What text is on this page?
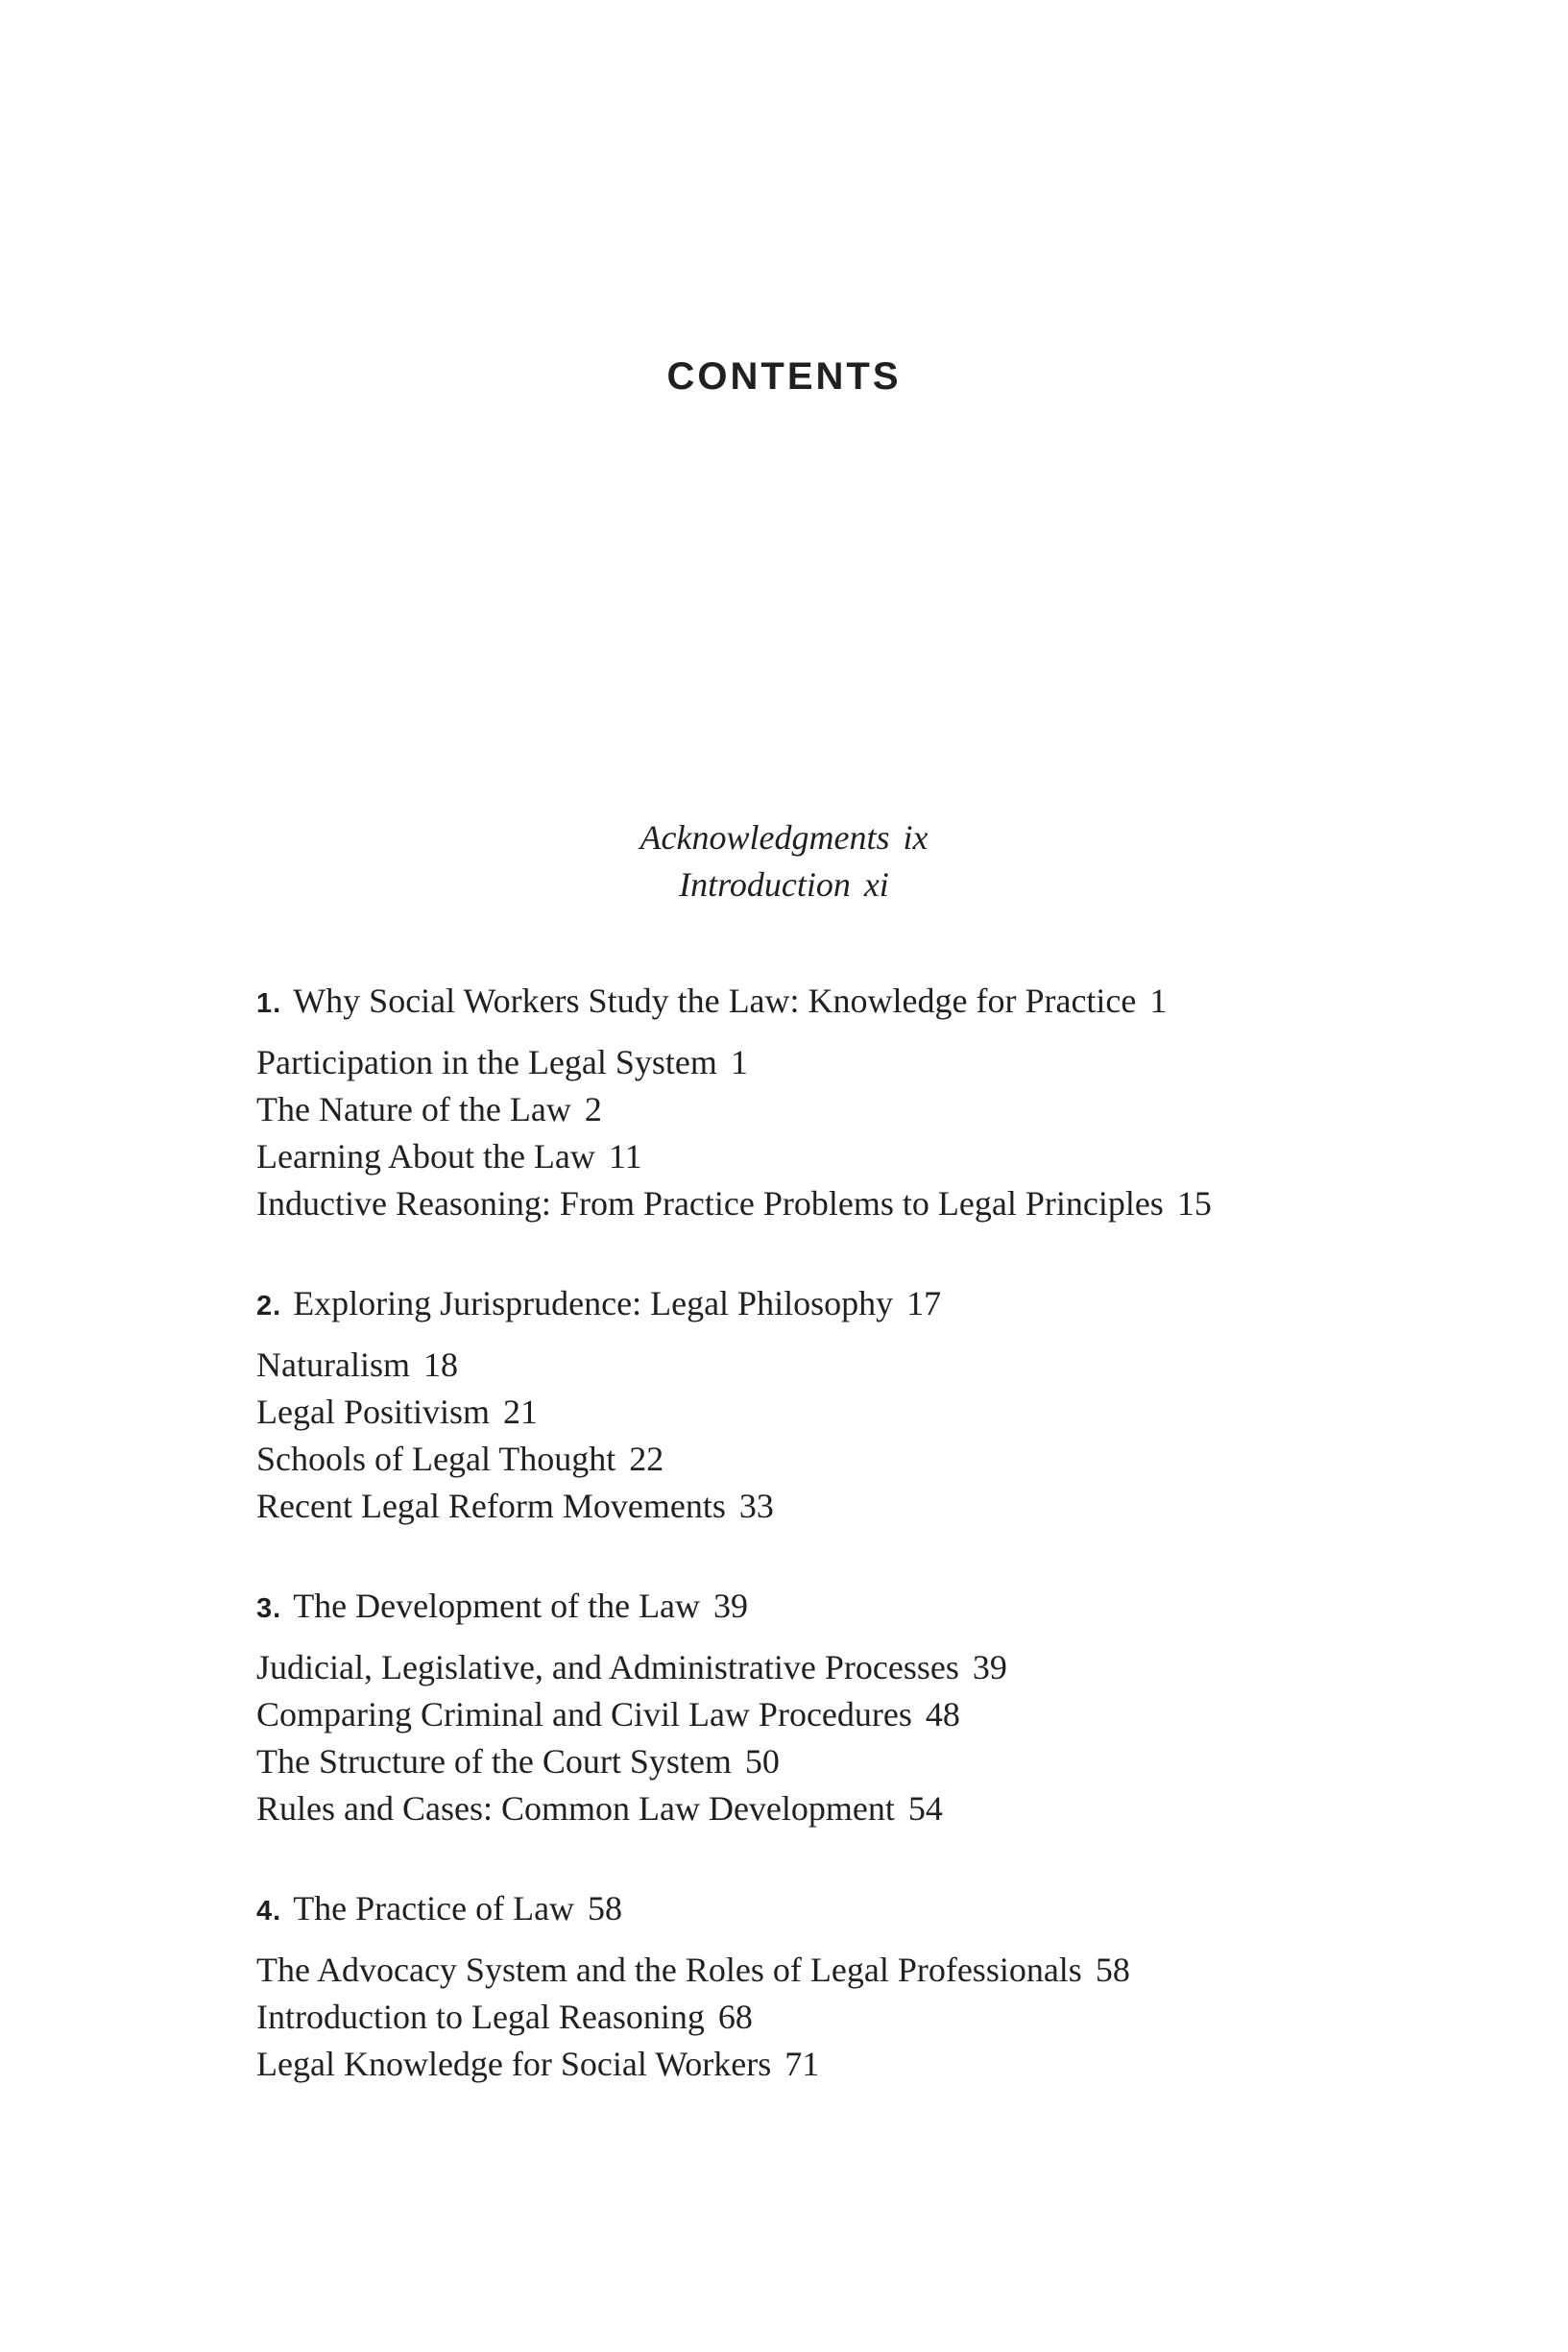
CONTENTS
Acknowledgments ix
Introduction xi
1. Why Social Workers Study the Law: Knowledge for Practice 1
Participation in the Legal System 1
The Nature of the Law 2
Learning About the Law 11
Inductive Reasoning: From Practice Problems to Legal Principles 15
2. Exploring Jurisprudence: Legal Philosophy 17
Naturalism 18
Legal Positivism 21
Schools of Legal Thought 22
Recent Legal Reform Movements 33
3. The Development of the Law 39
Judicial, Legislative, and Administrative Processes 39
Comparing Criminal and Civil Law Procedures 48
The Structure of the Court System 50
Rules and Cases: Common Law Development 54
4. The Practice of Law 58
The Advocacy System and the Roles of Legal Professionals 58
Introduction to Legal Reasoning 68
Legal Knowledge for Social Workers 71
